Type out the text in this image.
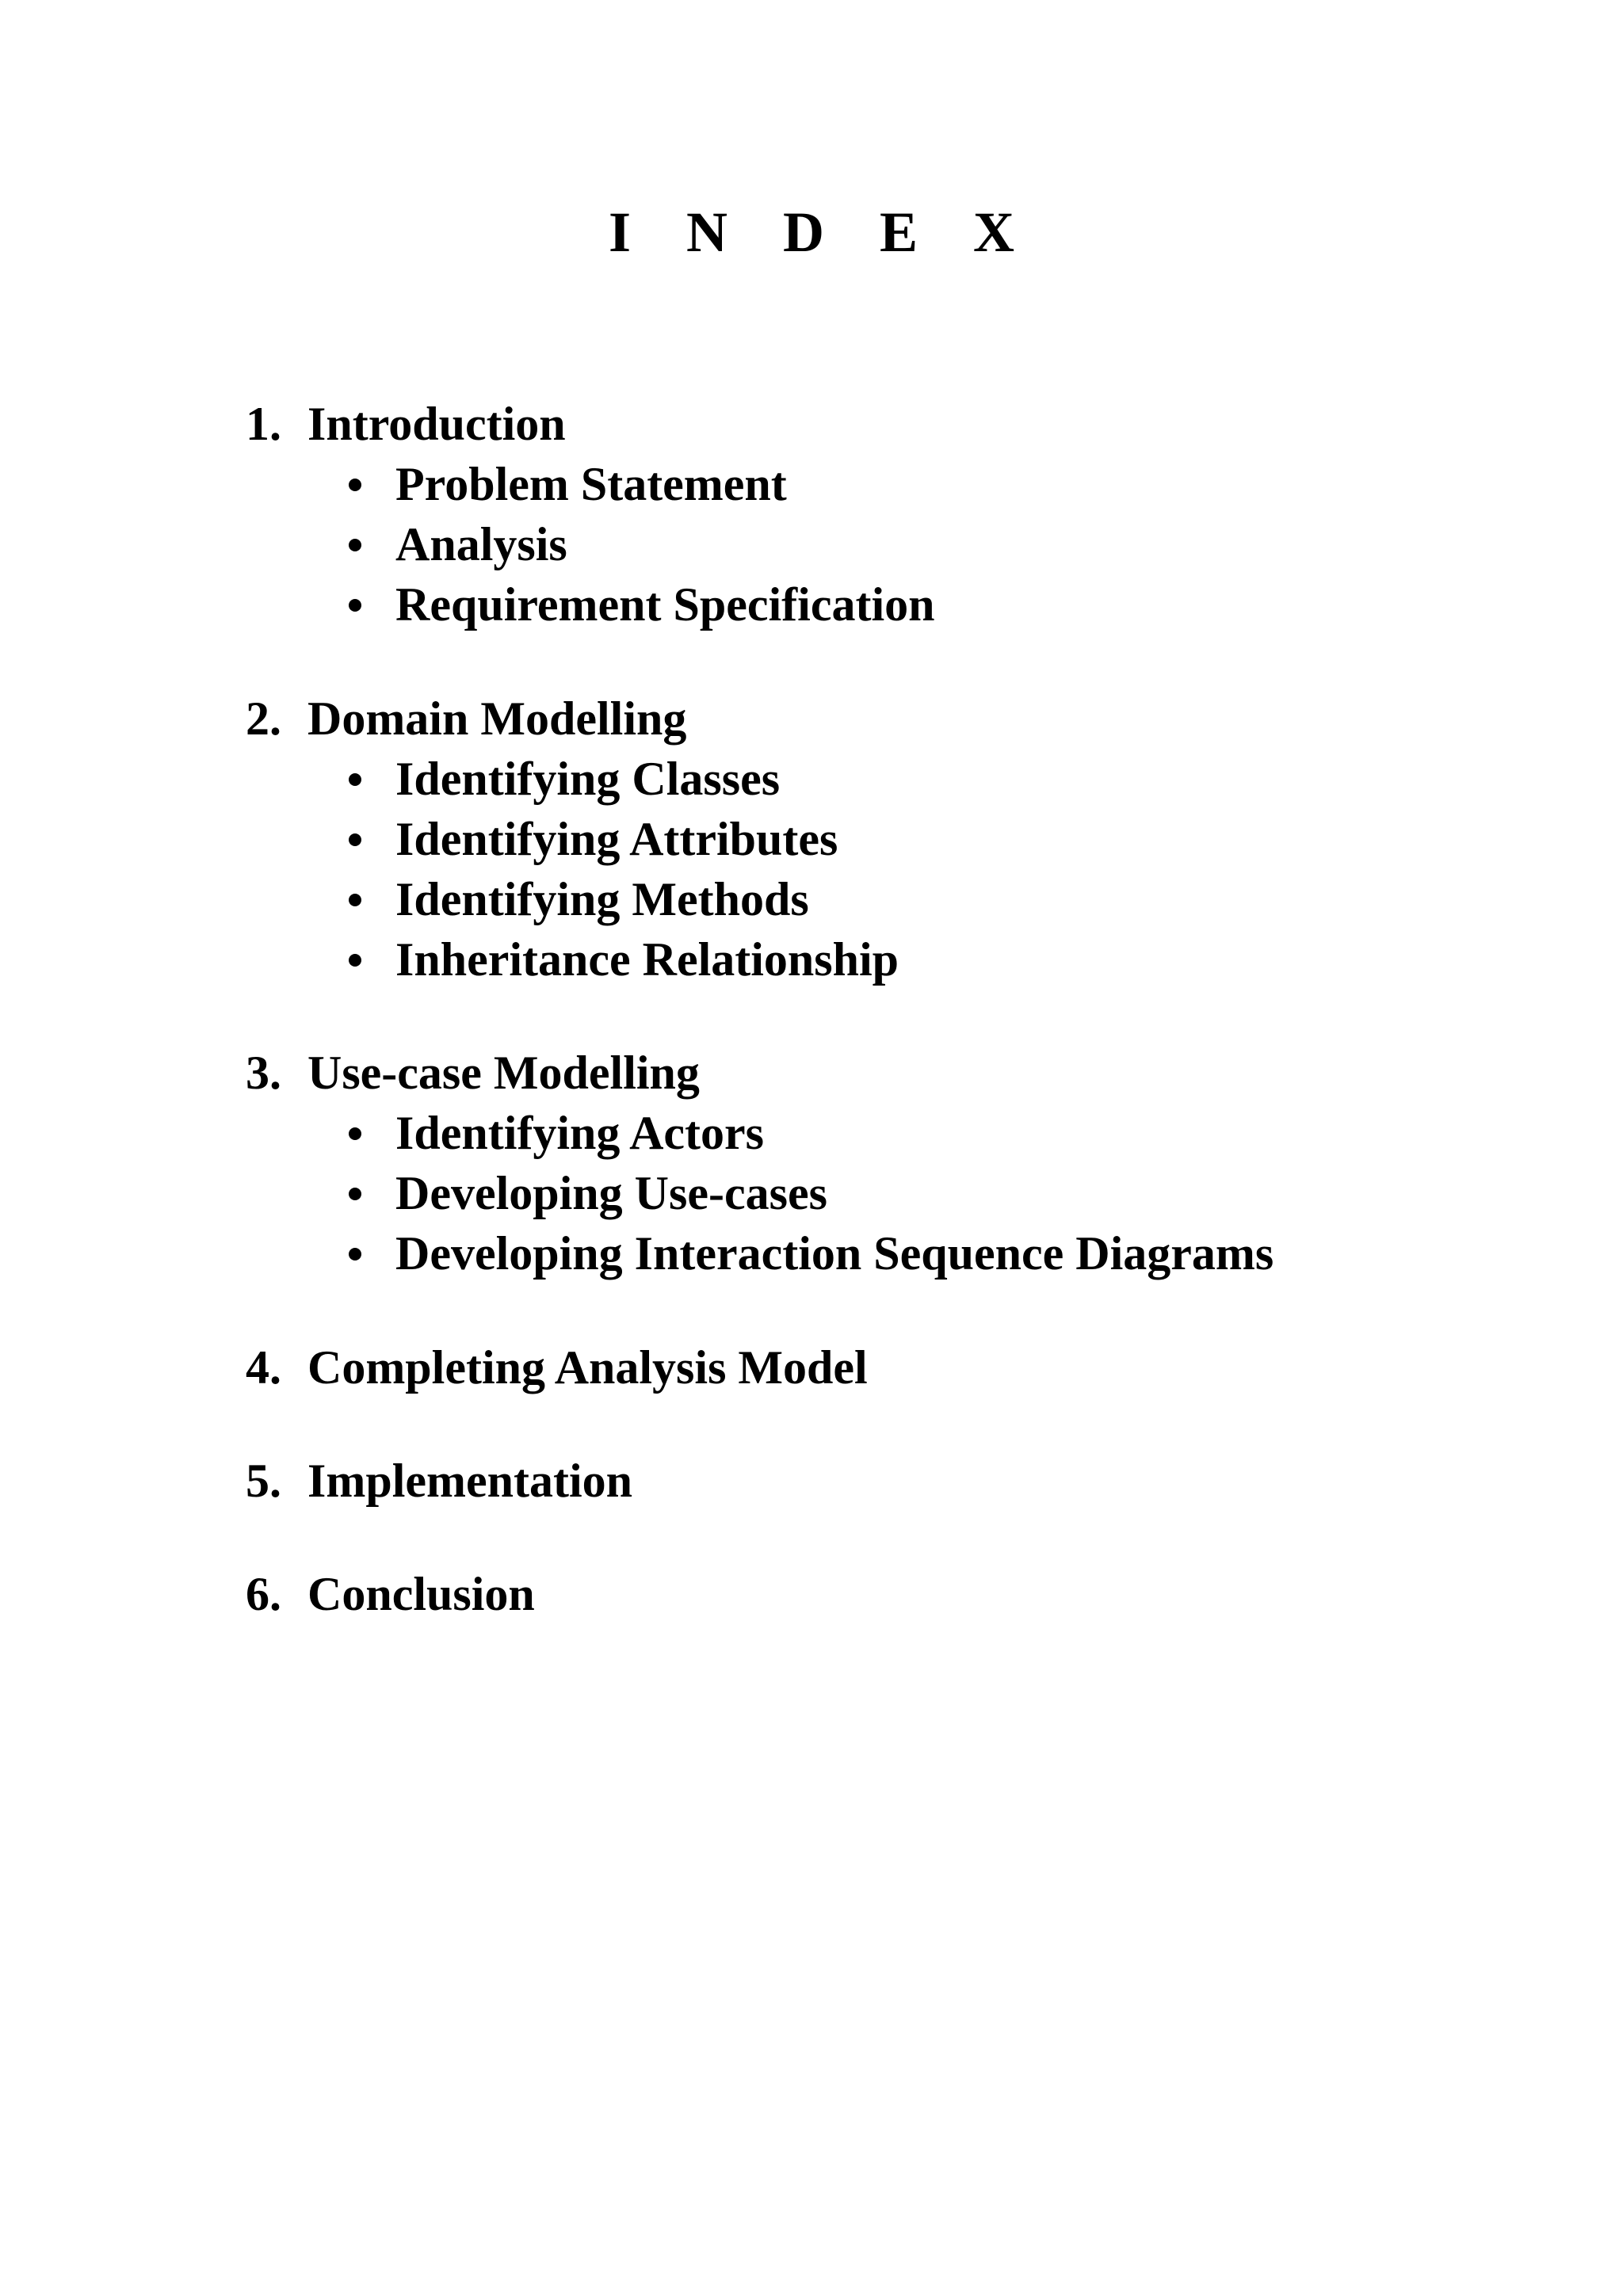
I N D E X
1. Introduction
Problem Statement
Analysis
Requirement Specification
2. Domain Modelling
Identifying Classes
Identifying Attributes
Identifying Methods
Inheritance Relationship
3. Use-case Modelling
Identifying Actors
Developing Use-cases
Developing Interaction Sequence Diagrams
4. Completing Analysis Model
5. Implementation
6. Conclusion
